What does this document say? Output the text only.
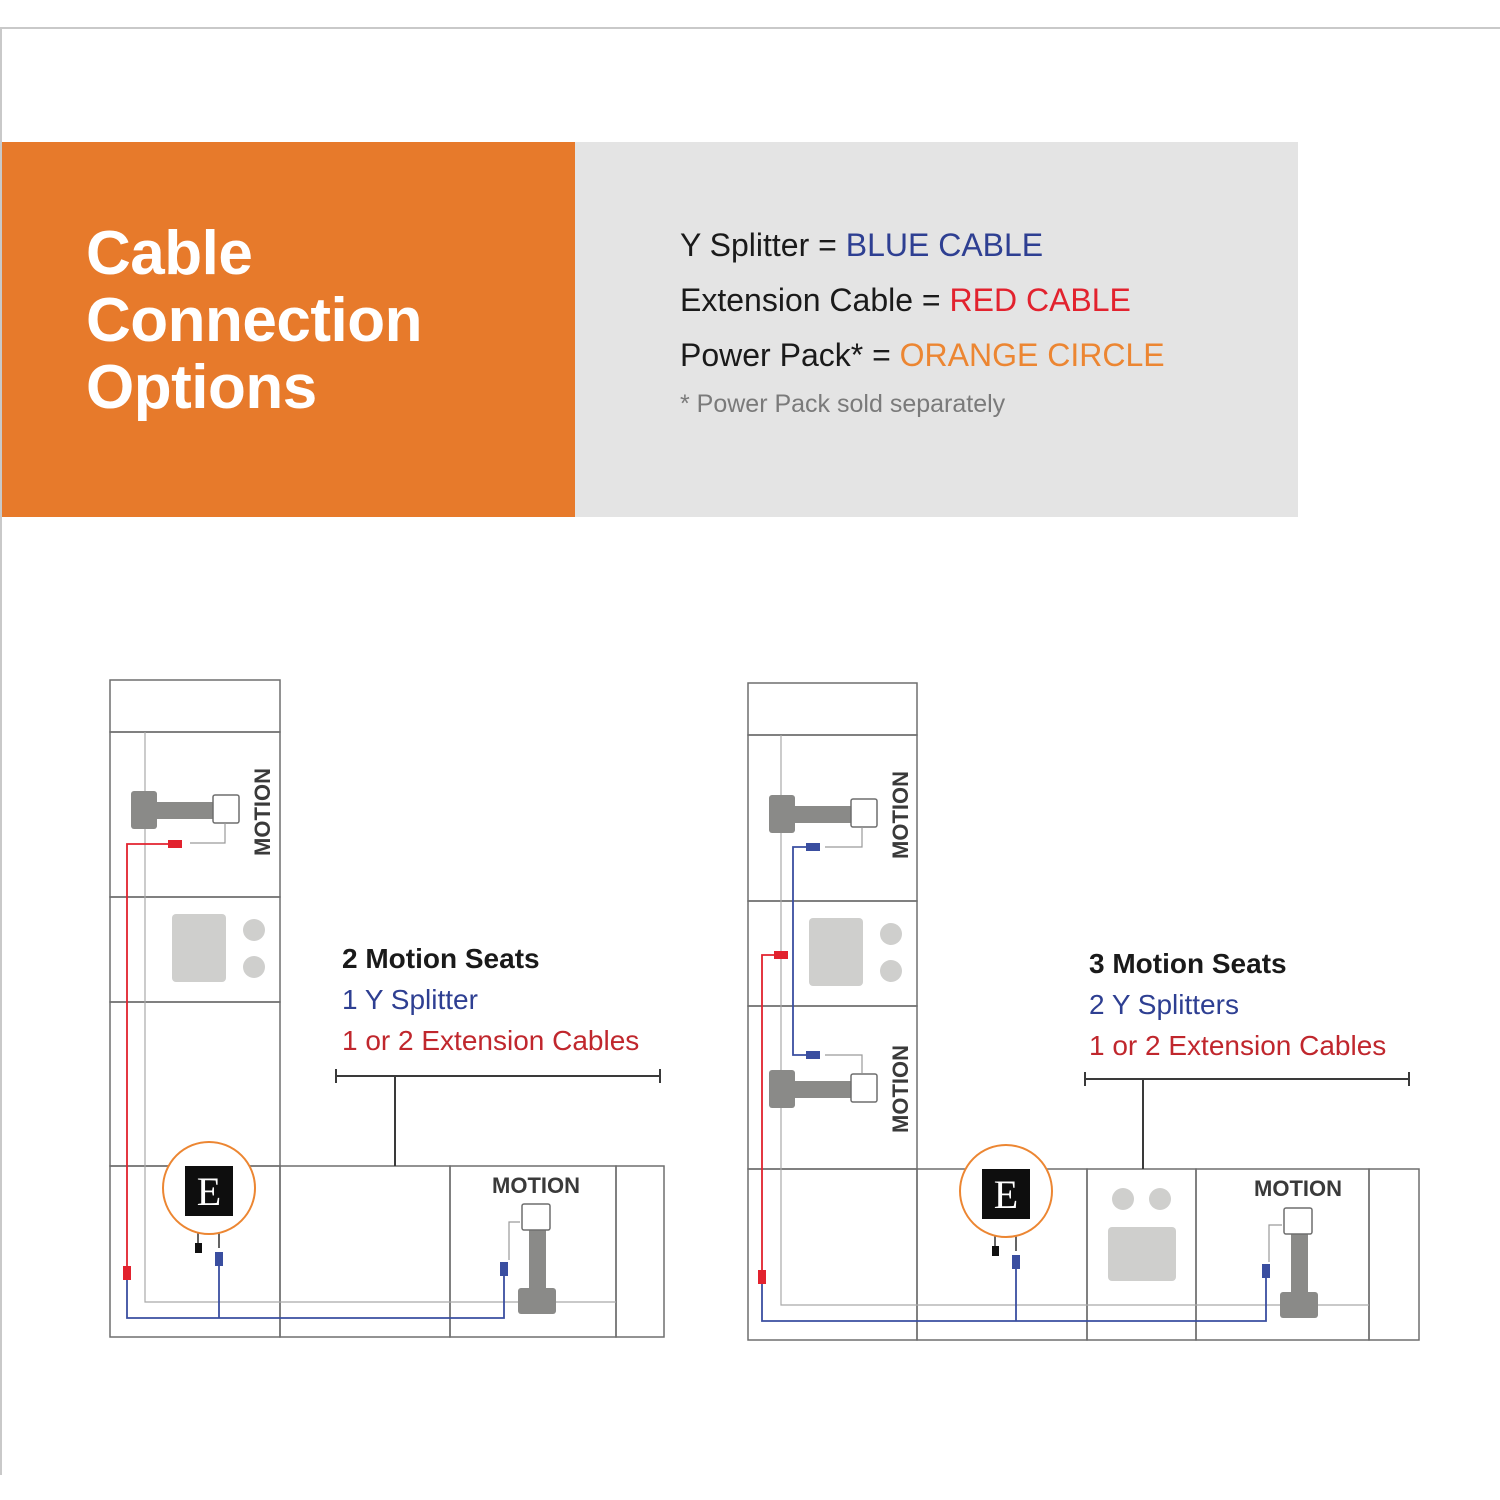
Cable
Connection
Options
Y Splitter = BLUE CABLE
Extension Cable = RED CABLE
Power Pack* = ORANGE CIRCLE
* Power Pack sold separately
MOTION
MOTION
E
2 Motion Seats
1 Y Splitter
1 or 2 Extension Cables
MOTION
MOTION
MOTION
E
3 Motion Seats
2 Y Splitters
1 or 2 Extension Cables
